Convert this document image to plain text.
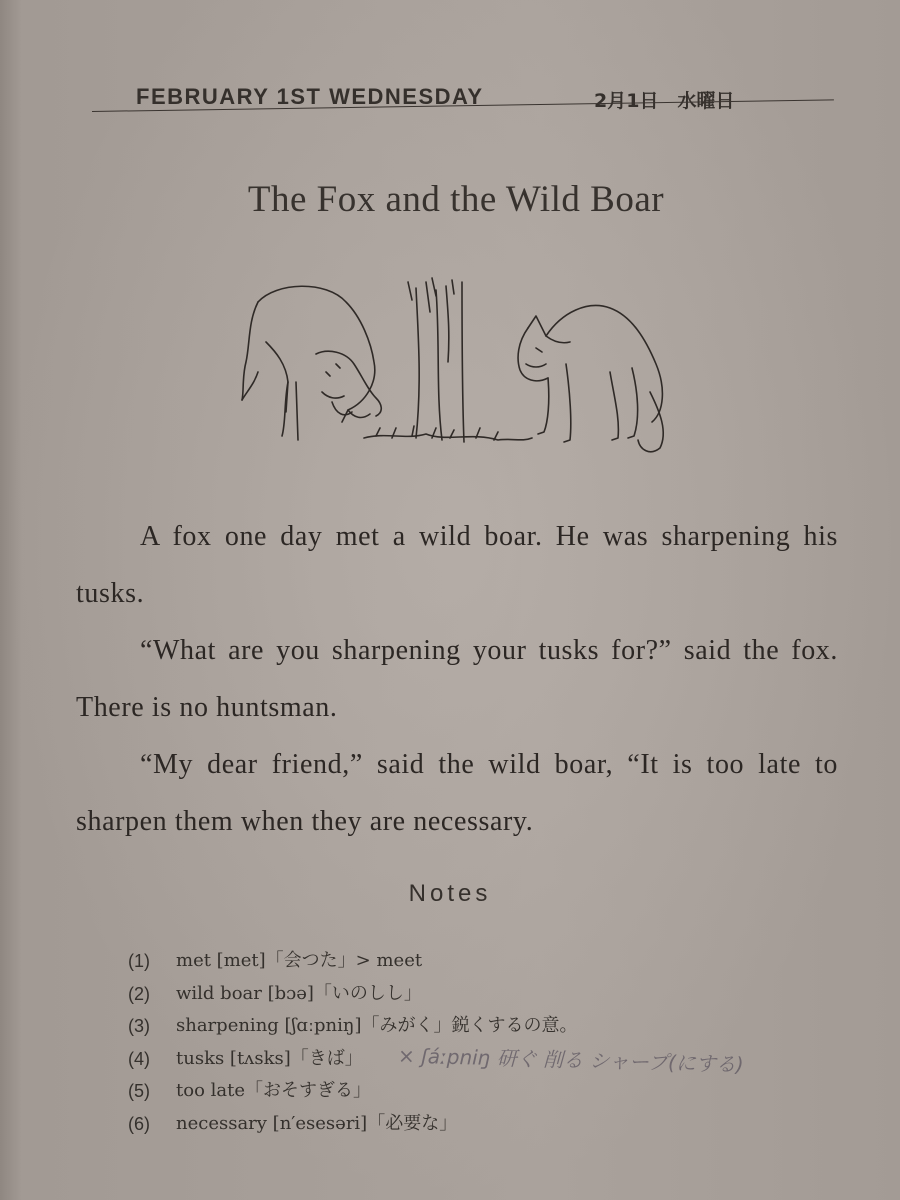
FEBRUARY 1ST WEDNESDAY	2月1日　水曜日
The Fox and the Wild Boar
A fox one day met a wild boar. He was sharpening his tusks.
“What are you sharpening your tusks for?” said the fox. There is no huntsman.
“My dear friend,” said the wild boar, “It is too late to sharpen them when they are necessary.
Notes
(1)	met [met]「会つた」> meet
(2)	wild boar [bɔə]「いのしし」
(3)	sharpening [ʃɑːpniŋ]「みがく」鋭くするの意。
(4)	tusks [tʌsks]「きば」
(5)	too late「おそすぎる」
(6)	necessary [n′esesəri]「必要な」
× ʃáːpniŋ 研ぐ 削る シャープ(にする)
